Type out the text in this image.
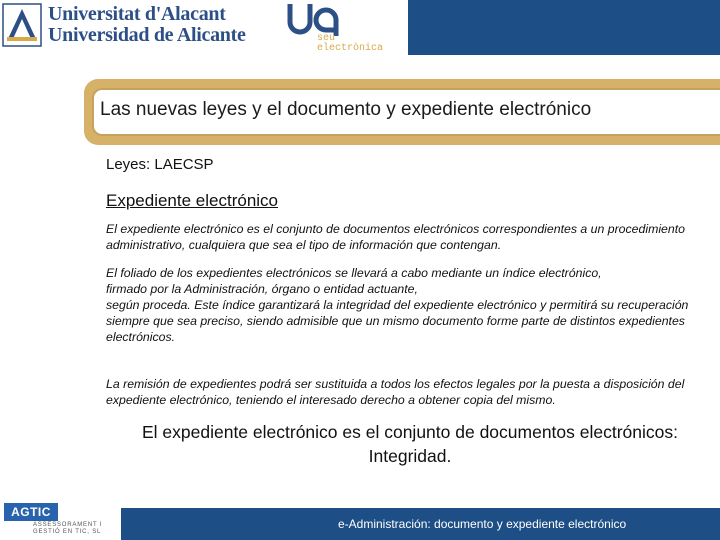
Universitat d'Alacant
Universidad de Alicante	seu
electrònica
Las nuevas leyes y el documento y expediente electrónico
Leyes: LAECSP
Expediente electrónico
El expediente electrónico es el conjunto de documentos electrónicos correspondientes a un procedimiento administrativo, cualquiera que sea el tipo de información que contengan.
El foliado de los expedientes electrónicos se llevará a cabo mediante un índice electrónico,
firmado por la Administración, órgano o entidad actuante,
según proceda. Este índice garantizará la integridad del expediente electrónico y permitirá su recuperación siempre que sea preciso, siendo admisible que un mismo documento forme parte de distintos expedientes
electrónicos.
La remisión de expedientes podrá ser sustituida a todos los efectos legales por la puesta a disposición del expediente electrónico, teniendo el interesado derecho a obtener copia del mismo.
El expediente electrónico es el conjunto de documentos electrónicos: Integridad.
AGTIC
ASSESSORAMENT I GESTIÓ EN TIC, SL
e-Administración: documento y expediente electrónico
